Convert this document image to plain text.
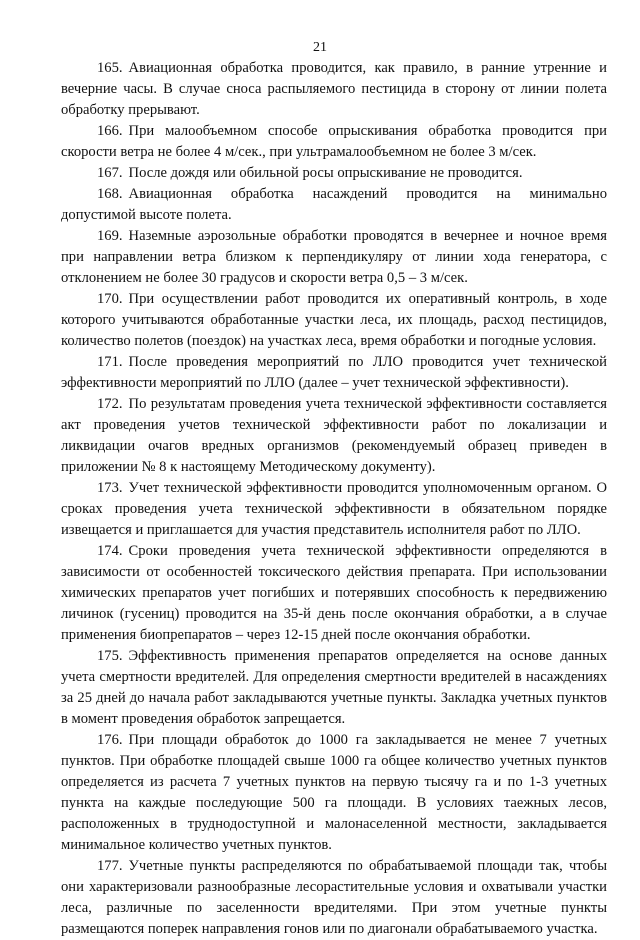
21

165. Авиационная обработка проводится, как правило, в ранние утренние и вечерние часы. В случае сноса распыляемого пестицида в сторону от линии полета обработку прерывают.

166. При малообъемном способе опрыскивания обработка проводится при скорости ветра не более 4 м/сек., при ультрамалообъемном не более 3 м/сек.

167. После дождя или обильной росы опрыскивание не проводится.

168. Авиационная обработка насаждений проводится на минимально допустимой высоте полета.

169. Наземные аэрозольные обработки проводятся в вечернее и ночное время при направлении ветра близком к перпендикуляру от линии хода генератора, с отклонением не более 30 градусов и скорости ветра 0,5 – 3 м/сек.

170. При осуществлении работ проводится их оперативный контроль, в ходе которого учитываются обработанные участки леса, их площадь, расход пестицидов, количество полетов (поездок) на участках леса, время обработки и погодные условия.

171. После проведения мероприятий по ЛЛО проводится учет технической эффективности мероприятий по ЛЛО (далее – учет технической эффективности).

172. По результатам проведения учета технической эффективности составляется акт проведения учетов технической эффективности работ по локализации и ликвидации очагов вредных организмов (рекомендуемый образец приведен в приложении № 8 к настоящему Методическому документу).

173. Учет технической эффективности проводится уполномоченным органом. О сроках проведения учета технической эффективности в обязательном порядке извещается и приглашается для участия представитель исполнителя работ по ЛЛО.

174. Сроки проведения учета технической эффективности определяются в зависимости от особенностей токсического действия препарата. При использовании химических препаратов учет погибших и потерявших способность к передвижению личинок (гусениц) проводится на 35-й день после окончания обработки, а в случае применения биопрепаратов – через 12-15 дней после окончания обработки.

175. Эффективность применения препаратов определяется на основе данных учета смертности вредителей. Для определения смертности вредителей в насаждениях за 25 дней до начала работ закладываются учетные пункты. Закладка учетных пунктов в момент проведения обработок запрещается.

176. При площади обработок до 1000 га закладывается не менее 7 учетных пунктов. При обработке площадей свыше 1000 га общее количество учетных пунктов определяется из расчета 7 учетных пунктов на первую тысячу га и по 1-3 учетных пункта на каждые последующие 500 га площади. В условиях таежных лесов, расположенных в труднодоступной и малонаселенной местности, закладывается минимальное количество учетных пунктов.

177. Учетные пункты распределяются по обрабатываемой площади так, чтобы они характеризовали разнообразные лесорастительные условия и охватывали участки леса, различные по заселенности вредителями. При этом учетные пункты размещаются поперек направления гонов или по диагонали обрабатываемого участка.
